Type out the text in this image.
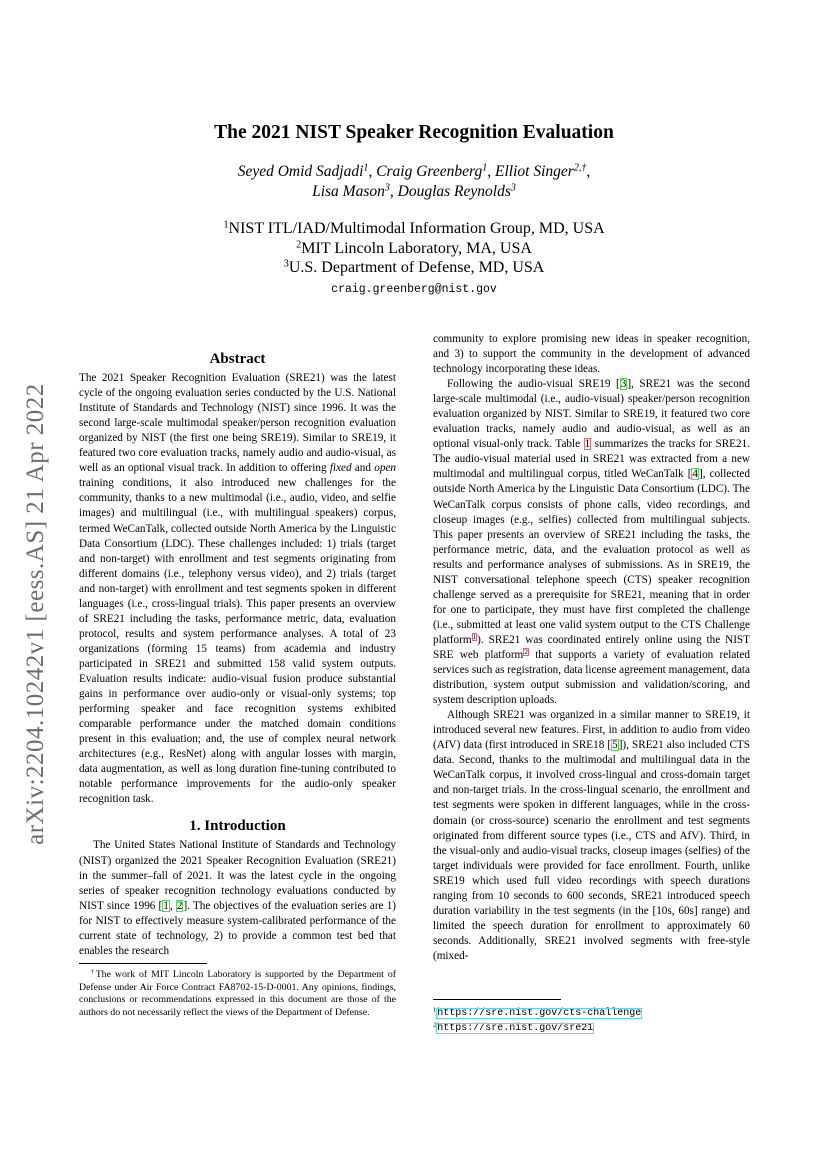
The 2021 NIST Speaker Recognition Evaluation
Seyed Omid Sadjadi$^1$, Craig Greenberg$^1$, Elliot Singer$^{2,\dagger}$,
Lisa Mason$^3$, Douglas Reynolds$^3$
$^1$NIST ITL/IAD/Multimodal Information Group, MD, USA
$^2$MIT Lincoln Laboratory, MA, USA
$^3$U.S. Department of Defense, MD, USA
craig.greenberg@nist.gov
arXiv:2204.10242v1 [eess.AS] 21 Apr 2022
Abstract

The 2021 Speaker Recognition Evaluation (SRE21) was the latest cycle of the ongoing evaluation series conducted by the U.S. National Institute of Standards and Technology (NIST) since 1996. It was the second large-scale multimodal speaker/person recognition evaluation organized by NIST (the first one being SRE19). Similar to SRE19, it featured two core evaluation tracks, namely audio and audio-visual, as well as an optional visual track. In addition to offering fixed and open training conditions, it also introduced new challenges for the community, thanks to a new multimodal (i.e., audio, video, and selfie images) and multilingual (i.e., with multilingual speakers) corpus, termed WeCanTalk, collected outside North America by the Linguistic Data Consortium (LDC). These challenges included: 1) trials (target and non-target) with enrollment and test segments originating from different domains (i.e., telephony versus video), and 2) trials (target and non-target) with enrollment and test segments spoken in different languages (i.e., cross-lingual trials). This paper presents an overview of SRE21 including the tasks, performance metric, data, evaluation protocol, results and system performance analyses. A total of 23 organizations (forming 15 teams) from academia and industry participated in SRE21 and submitted 158 valid system outputs. Evaluation results indicate: audio-visual fusion produce substantial gains in performance over audio-only or visual-only systems; top performing speaker and face recognition systems exhibited comparable performance under the matched domain conditions present in this evaluation; and, the use of complex neural network architectures (e.g., ResNet) along with angular losses with margin, data augmentation, as well as long duration fine-tuning contributed to notable performance improvements for the audio-only speaker recognition task.

1. Introduction

The United States National Institute of Standards and Technology (NIST) organized the 2021 Speaker Recognition Evaluation (SRE21) in the summer–fall of 2021. It was the latest cycle in the ongoing series of speaker recognition technology evaluations conducted by NIST since 1996 [1, 2]. The objectives of the evaluation series are 1) for NIST to effectively measure system-calibrated performance of the current state of technology, 2) to provide a common test bed that enables the research

†The work of MIT Lincoln Laboratory is supported by the Department of Defense under Air Force Contract FA8702-15-D-0001. Any opinions, findings, conclusions or recommendations expressed in this document are those of the authors do not necessarily reflect the views of the Department of Defense.

community to explore promising new ideas in speaker recognition, and 3) to support the community in the development of advanced technology incorporating these ideas.

Following the audio-visual SRE19 [3], SRE21 was the second large-scale multimodal (i.e., audio-visual) speaker/person recognition evaluation organized by NIST. Similar to SRE19, it featured two core evaluation tracks, namely audio and audio-visual, as well as an optional visual-only track. Table 1 summarizes the tracks for SRE21. The audio-visual material used in SRE21 was extracted from a new multimodal and multilingual corpus, titled WeCanTalk [4], collected outside North America by the Linguistic Data Consortium (LDC). The WeCanTalk corpus consists of phone calls, video recordings, and closeup images (e.g., selfies) collected from multilingual subjects. This paper presents an overview of SRE21 including the tasks, the performance metric, data, and the evaluation protocol as well as results and performance analyses of submissions. As in SRE19, the NIST conversational telephone speech (CTS) speaker recognition challenge served as a prerequisite for SRE21, meaning that in order for one to participate, they must have first completed the challenge (i.e., submitted at least one valid system output to the CTS Challenge platform$^1$). SRE21 was coordinated entirely online using the NIST SRE web platform$^2$ that supports a variety of evaluation related services such as registration, data license agreement management, data distribution, system output submission and validation/scoring, and system description uploads.

Although SRE21 was organized in a similar manner to SRE19, it introduced several new features. First, in addition to audio from video (AfV) data (first introduced in SRE18 [5]), SRE21 also included CTS data. Second, thanks to the multimodal and multilingual data in the WeCanTalk corpus, it involved cross-lingual and cross-domain target and non-target trials. In the cross-lingual scenario, the enrollment and test segments were spoken in different languages, while in the cross-domain (or cross-source) scenario the enrollment and test segments originated from different source types (i.e., CTS and AfV). Third, in the visual-only and audio-visual tracks, closeup images (selfies) of the target individuals were provided for face enrollment. Fourth, unlike SRE19 which used full video recordings with speech durations ranging from 10 seconds to 600 seconds, SRE21 introduced speech duration variability in the test segments (in the [10s, 60s] range) and limited the speech duration for enrollment to approximately 60 seconds. Additionally, SRE21 involved segments with free-style (mixed-

$^1$https://sre.nist.gov/cts-challenge
$^2$https://sre.nist.gov/sre21
